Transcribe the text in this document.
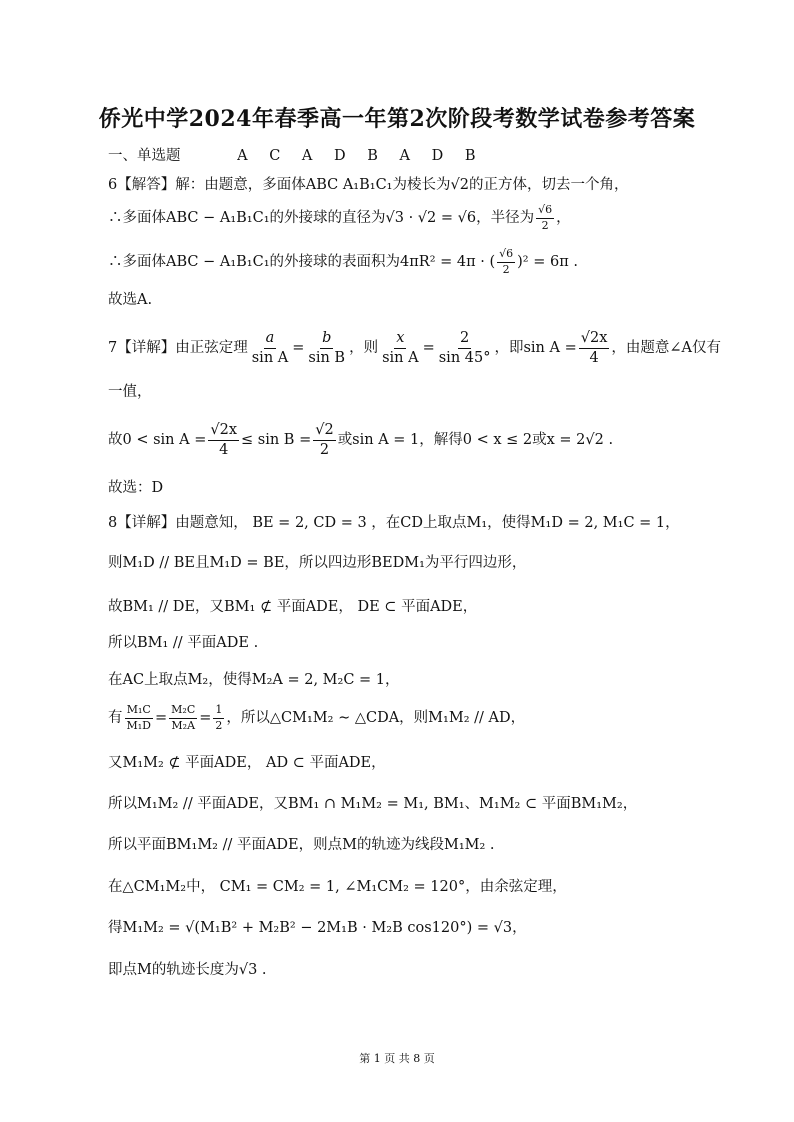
侨光中学2024年春季高一年第2次阶段考数学试卷参考答案
一、单选题	A C A D B A D B
6【解答】解：由题意，多面体ABC A₁B₁C₁为棱长为√2的正方体，切去一个角，
∴多面体ABC − A₁B₁C₁的外接球的直径为√3 · √2 = √6，半径为 $\frac{√6}{2}$ ，
∴多面体ABC − A₁B₁C₁的外接球的表面积为4πR² = 4π · ( $\frac{√6}{2} )^2 = 6\pi$ .
故选A.
7【详解】由正弦定理 $\frac{a}{\text{sin A}} = \frac{b}{\text{sin B}}$ ，则 $\frac{x}{\text{sin A}} = \frac{2}{\sin 45^\circ}$ ，即$\sin A = \frac{√2x}{4}$ ，由题意∠A仅有
一值，
故$0 < \sin A = \frac{√2x}{4} \le \sin B = \frac{√2}{2}$ 或sin A = 1，解得0 < x ≤ 2或x = 2√2 .
故选：D
8【详解】由题意知， BE = 2, CD = 3 ，在CD上取点M₁，使得M₁D = 2, M₁C = 1，
则M₁D // BE且M₁D = BE，所以四边形BEDM₁为平行四边形，
故BM₁ // DE，又BM₁ ⊄ 平面ADE， DE ⊂ 平面ADE，
所以BM₁ // 平面ADE .
在AC上取点M₂，使得M₂A = 2, M₂C = 1，
有 $\frac{\text{M₁C}}{\text{M₁D}} = \frac{\text{M₂C}}{\text{M₂A}} = \frac{1}{2}$ ，所以△CM₁M₂ ∼ △CDA，则M₁M₂ // AD，
又M₁M₂ ⊄ 平面ADE， AD ⊂ 平面ADE，
所以M₁M₂ // 平面ADE，又BM₁ ∩ M₁M₂ = M₁, BM₁、M₁M₂ ⊂ 平面BM₁M₂，
所以平面BM₁M₂ // 平面ADE，则点M的轨迹为线段M₁M₂ .
在△CM₁M₂中， CM₁ = CM₂ = 1, ∠M₁CM₂ = 120°，由余弦定理，
得M₁M₂ = √(M₁B² + M₂B² − 2M₁B · M₂B cos120°) = √3，
即点M的轨迹长度为√3 .
第 1 页 共 8 页
